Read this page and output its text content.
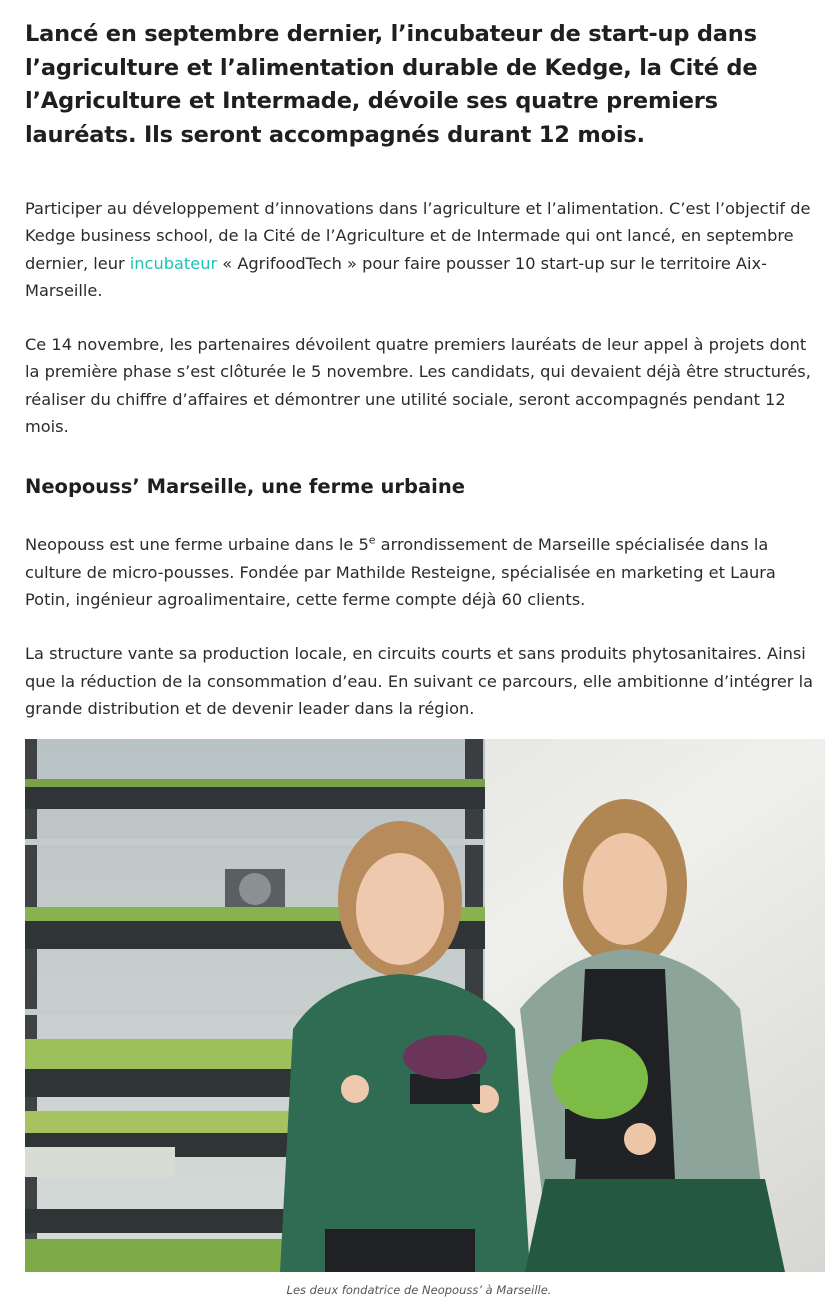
Lancé en septembre dernier, l’incubateur de start-up dans l’agriculture et l’alimentation durable de Kedge, la Cité de l’Agriculture et Intermade, dévoile ses quatre premiers lauréats. Ils seront accompagnés durant 12 mois.

Participer au développement d’innovations dans l’agriculture et l’alimentation. C’est l’objectif de Kedge business school, de la Cité de l’Agriculture et de Intermade qui ont lancé, en septembre dernier, leur incubateur « AgrifoodTech » pour faire pousser 10 start-up sur le territoire Aix-Marseille.

Ce 14 novembre, les partenaires dévoilent quatre premiers lauréats de leur appel à projets dont la première phase s’est clôturée le 5 novembre. Les candidats, qui devaient déjà être structurés, réaliser du chiffre d’affaires et démontrer une utilité sociale, seront accompagnés pendant 12 mois.

Neopouss’ Marseille, une ferme urbaine

Neopouss est une ferme urbaine dans le 5e arrondissement de Marseille spécialisée dans la culture de micro-pousses. Fondée par Mathilde Resteigne, spécialisée en marketing et Laura Potin, ingénieur agroalimentaire, cette ferme compte déjà 60 clients.

La structure vante sa production locale, en circuits courts et sans produits phytosanitaires. Ainsi que la réduction de la consommation d’eau. En suivant ce parcours, elle ambitionne d’intégrer la grande distribution et de devenir leader dans la région.

Les deux fondatrice de Neopouss’ à Marseille.
